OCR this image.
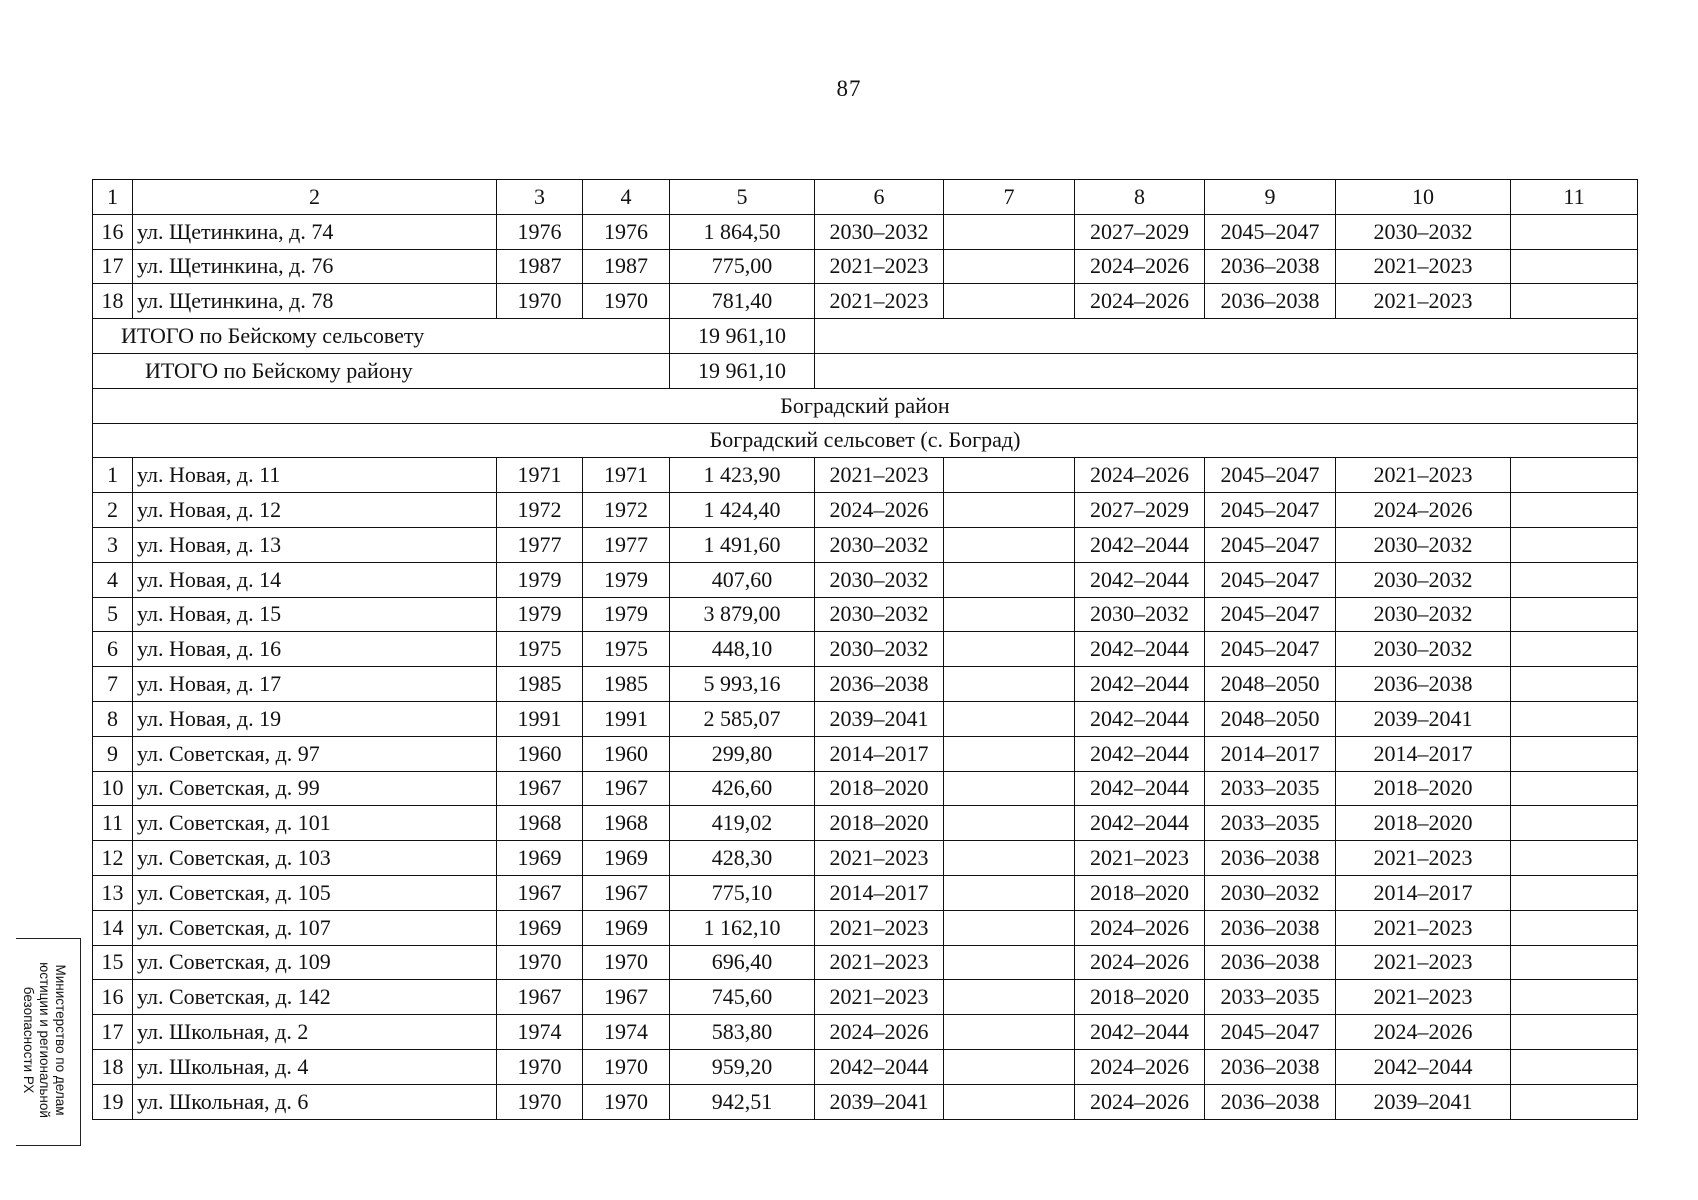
87
1	2	3	4	5	6	7	8	9	10	11
16	ул. Щетинкина, д. 74	1976	1976	1 864,50	2030–2032		2027–2029	2045–2047	2030–2032	
17	ул. Щетинкина, д. 76	1987	1987	775,00	2021–2023		2024–2026	2036–2038	2021–2023	
18	ул. Щетинкина, д. 78	1970	1970	781,40	2021–2023		2024–2026	2036–2038	2021–2023	
ИТОГО по Бейскому сельсовету				19 961,10						
ИТОГО по Бейскому району				19 961,10						
Боградский район										
Боградский сельсовет (с. Боград)										
1	ул. Новая, д. 11	1971	1971	1 423,90	2021–2023		2024–2026	2045–2047	2021–2023	
2	ул. Новая, д. 12	1972	1972	1 424,40	2024–2026		2027–2029	2045–2047	2024–2026	
3	ул. Новая, д. 13	1977	1977	1 491,60	2030–2032		2042–2044	2045–2047	2030–2032	
4	ул. Новая, д. 14	1979	1979	407,60	2030–2032		2042–2044	2045–2047	2030–2032	
5	ул. Новая, д. 15	1979	1979	3 879,00	2030–2032		2030–2032	2045–2047	2030–2032	
6	ул. Новая, д. 16	1975	1975	448,10	2030–2032		2042–2044	2045–2047	2030–2032	
7	ул. Новая, д. 17	1985	1985	5 993,16	2036–2038		2042–2044	2048–2050	2036–2038	
8	ул. Новая, д. 19	1991	1991	2 585,07	2039–2041		2042–2044	2048–2050	2039–2041	
9	ул. Советская, д. 97	1960	1960	299,80	2014–2017		2042–2044	2014–2017	2014–2017	
10	ул. Советская, д. 99	1967	1967	426,60	2018–2020		2042–2044	2033–2035	2018–2020	
11	ул. Советская, д. 101	1968	1968	419,02	2018–2020		2042–2044	2033–2035	2018–2020	
12	ул. Советская, д. 103	1969	1969	428,30	2021–2023		2021–2023	2036–2038	2021–2023	
13	ул. Советская, д. 105	1967	1967	775,10	2014–2017		2018–2020	2030–2032	2014–2017	
14	ул. Советская, д. 107	1969	1969	1 162,10	2021–2023		2024–2026	2036–2038	2021–2023	
15	ул. Советская, д. 109	1970	1970	696,40	2021–2023		2024–2026	2036–2038	2021–2023	
16	ул. Советская, д. 142	1967	1967	745,60	2021–2023		2018–2020	2033–2035	2021–2023	
17	ул. Школьная, д. 2	1974	1974	583,80	2024–2026		2042–2044	2045–2047	2024–2026	
18	ул. Школьная, д. 4	1970	1970	959,20	2042–2044		2024–2026	2036–2038	2042–2044	
19	ул. Школьная, д. 6	1970	1970	942,51	2039–2041		2024–2026	2036–2038	2039–2041	
Министерство по делам
юстиции и региональной
безопасности РХ
